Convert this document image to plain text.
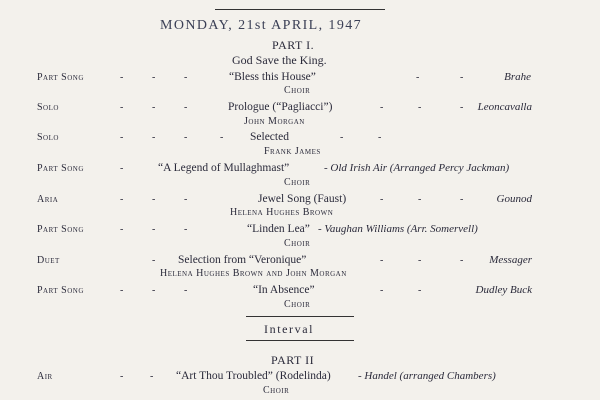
MONDAY, 21st APRIL, 1947
PART I.
God Save the King.
Part Song	-	-	-	“Bless this House”	-	-	Brahe
Choir
Solo	-	-	-	Prologue (“Pagliacci”)	-	-	- Leoncavalla
John Morgan
Solo	-	-	-	- Selected	-	-
Frank James
Part Song	-	“A Legend of Mullaghmast”	- Old Irish Air (Arranged Percy Jackman)
Choir
Aria	-	-	-	Jewel Song (Faust)	-	-	-	Gounod
Helena Hughes Brown
Part Song	-	-	-	“Linden Lea” - Vaughan Williams (Arr. Somervell)
Choir
Duet	- Selection from “Veronique”	-	-	- Messager
Helena Hughes Brown and John Morgan
Part Song	-	-	-	“In Absence”	-	-	Dudley Buck
Choir
Interval
PART II
Air	-	- “Art Thou Troubled” (Rodelinda) - Handel (arranged Chambers)
Choir
